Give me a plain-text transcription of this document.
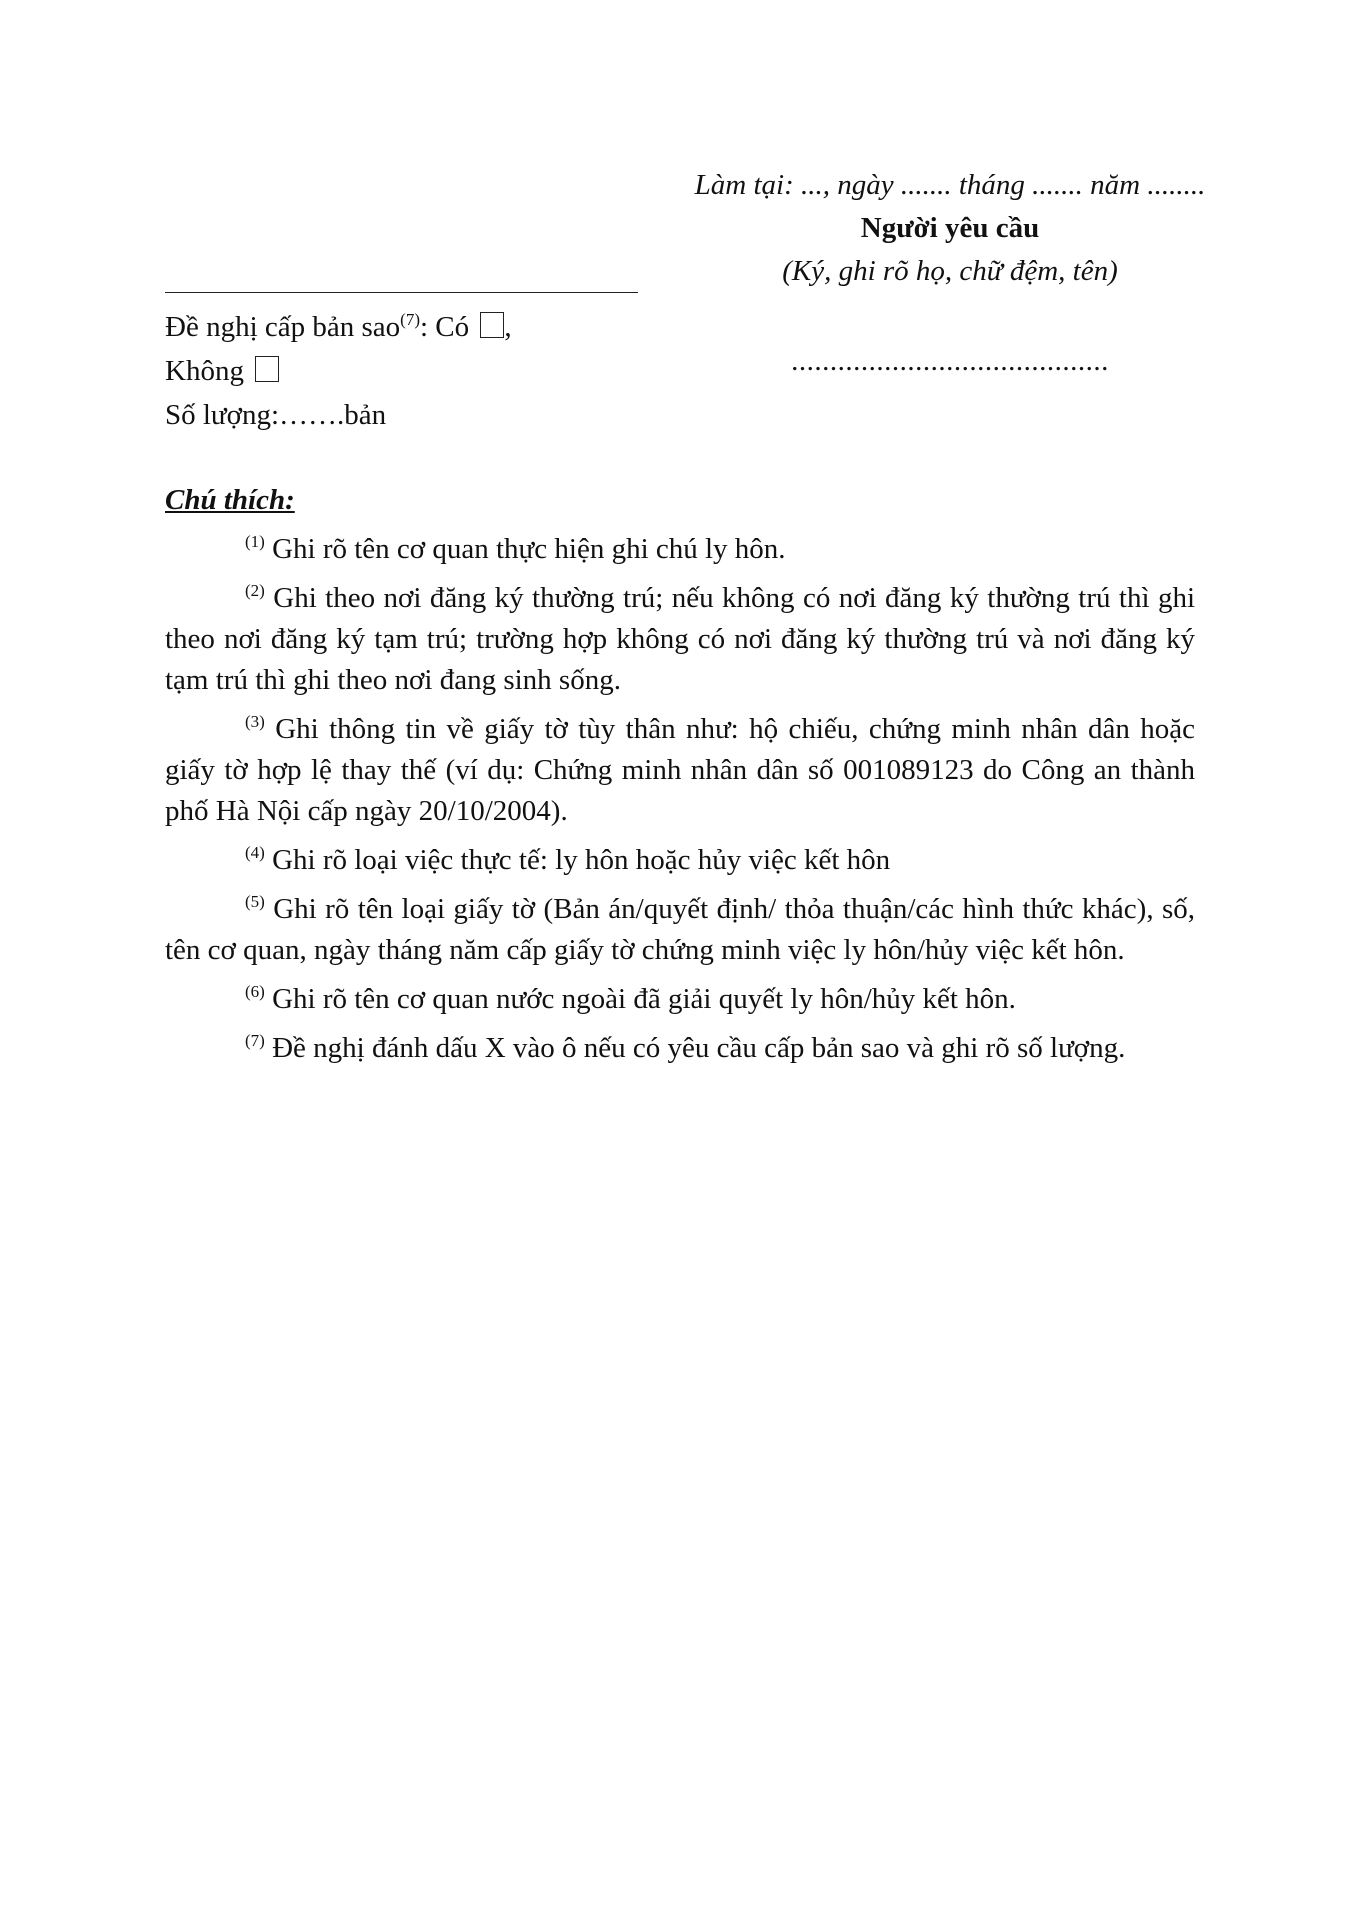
Làm tại: ..., ngày ....... tháng ....... năm ........
Người yêu cầu
(Ký, ghi rõ họ, chữ đệm, tên)
.........................................
Đề nghị cấp bản sao$^{(7)}$: Có ,
Không
Số lượng:…….bản
Chú thích:

$^{(1)}$ Ghi rõ tên cơ quan thực hiện ghi chú ly hôn.

$^{(2)}$ Ghi theo nơi đăng ký thường trú; nếu không có nơi đăng ký thường trú thì ghi theo nơi đăng ký tạm trú; trường hợp không có nơi đăng ký thường trú và nơi đăng ký tạm trú thì ghi theo nơi đang sinh sống.

$^{(3)}$ Ghi thông tin về giấy tờ tùy thân như: hộ chiếu, chứng minh nhân dân hoặc giấy tờ hợp lệ thay thế (ví dụ: Chứng minh nhân dân số 001089123 do Công an thành phố Hà Nội cấp ngày 20/10/2004).

$^{(4)}$ Ghi rõ loại việc thực tế: ly hôn hoặc hủy việc kết hôn

$^{(5)}$ Ghi rõ tên loại giấy tờ (Bản án/quyết định/ thỏa thuận/các hình thức khác), số, tên cơ quan, ngày tháng năm cấp giấy tờ chứng minh việc ly hôn/hủy việc kết hôn.

$^{(6)}$ Ghi rõ tên cơ quan nước ngoài đã giải quyết ly hôn/hủy kết hôn.

$^{(7)}$ Đề nghị đánh dấu X vào ô nếu có yêu cầu cấp bản sao và ghi rõ số lượng.
